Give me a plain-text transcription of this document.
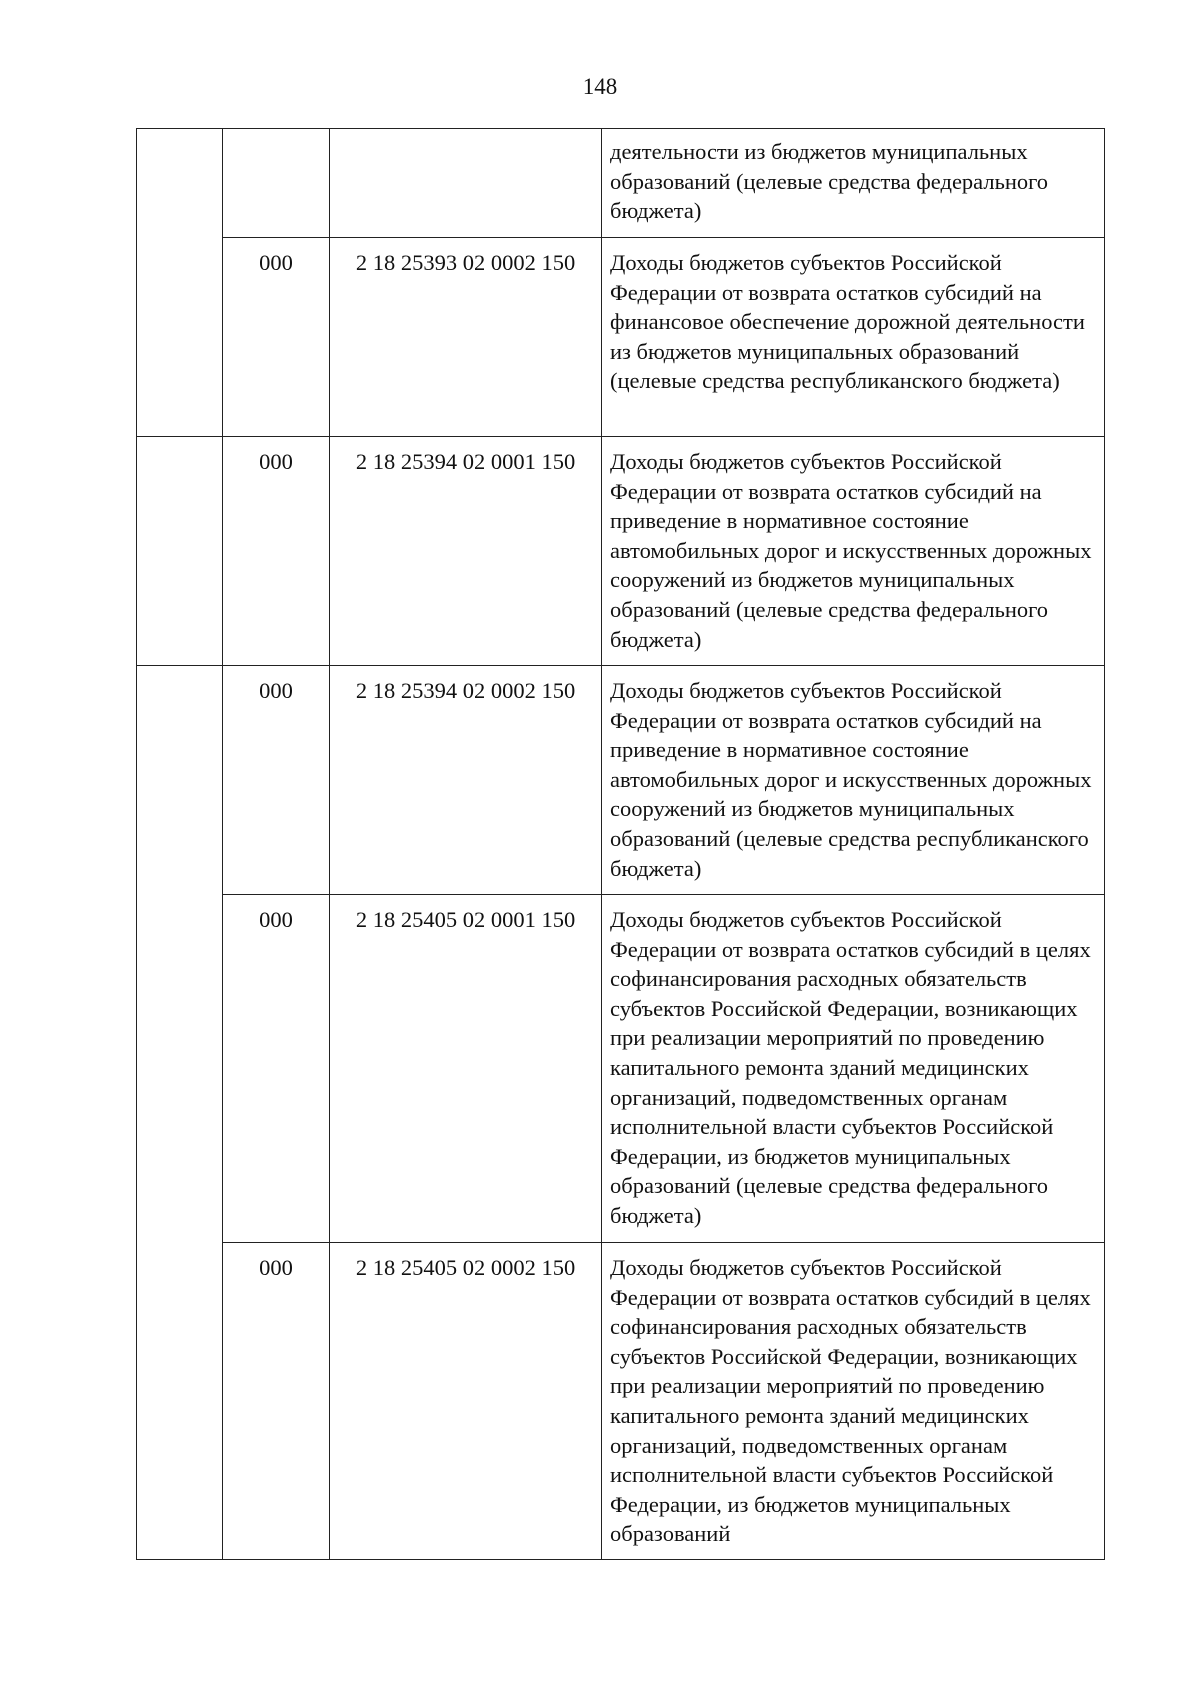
148
			деятельности из бюджетов муниципальных образований (целевые средства федерального бюджета)
	000	2 18 25393 02 0002 150	Доходы бюджетов субъектов Российской Федерации от возврата остатков субсидий на финансовое обеспечение дорожной деятельности из бюджетов муниципальных образований (целевые средства республиканского бюджета)
	000	2 18 25394 02 0001 150	Доходы бюджетов субъектов Российской Федерации от возврата остатков субсидий на приведение в нормативное состояние автомобильных дорог и искусственных дорожных сооружений из бюджетов муниципальных образований (целевые средства федерального бюджета)
	000	2 18 25394 02 0002 150	Доходы бюджетов субъектов Российской Федерации от возврата остатков субсидий на приведение в нормативное состояние автомобильных дорог и искусственных дорожных сооружений из бюджетов муниципальных образований (целевые средства республиканского бюджета)
	000	2 18 25405 02 0001 150	Доходы бюджетов субъектов Российской Федерации от возврата остатков субсидий в целях софинансирования расходных обязательств субъектов Российской Федерации, возникающих при реализации мероприятий по проведению капитального ремонта зданий медицинских организаций, подведомственных органам исполнительной власти субъектов Российской Федерации, из бюджетов муниципальных образований (целевые средства федерального бюджета)
	000	2 18 25405 02 0002 150	Доходы бюджетов субъектов Российской Федерации от возврата остатков субсидий в целях софинансирования расходных обязательств субъектов Российской Федерации, возникающих при реализации мероприятий по проведению капитального ремонта зданий медицинских организаций, подведомственных органам исполнительной власти субъектов Российской Федерации, из бюджетов муниципальных образований
